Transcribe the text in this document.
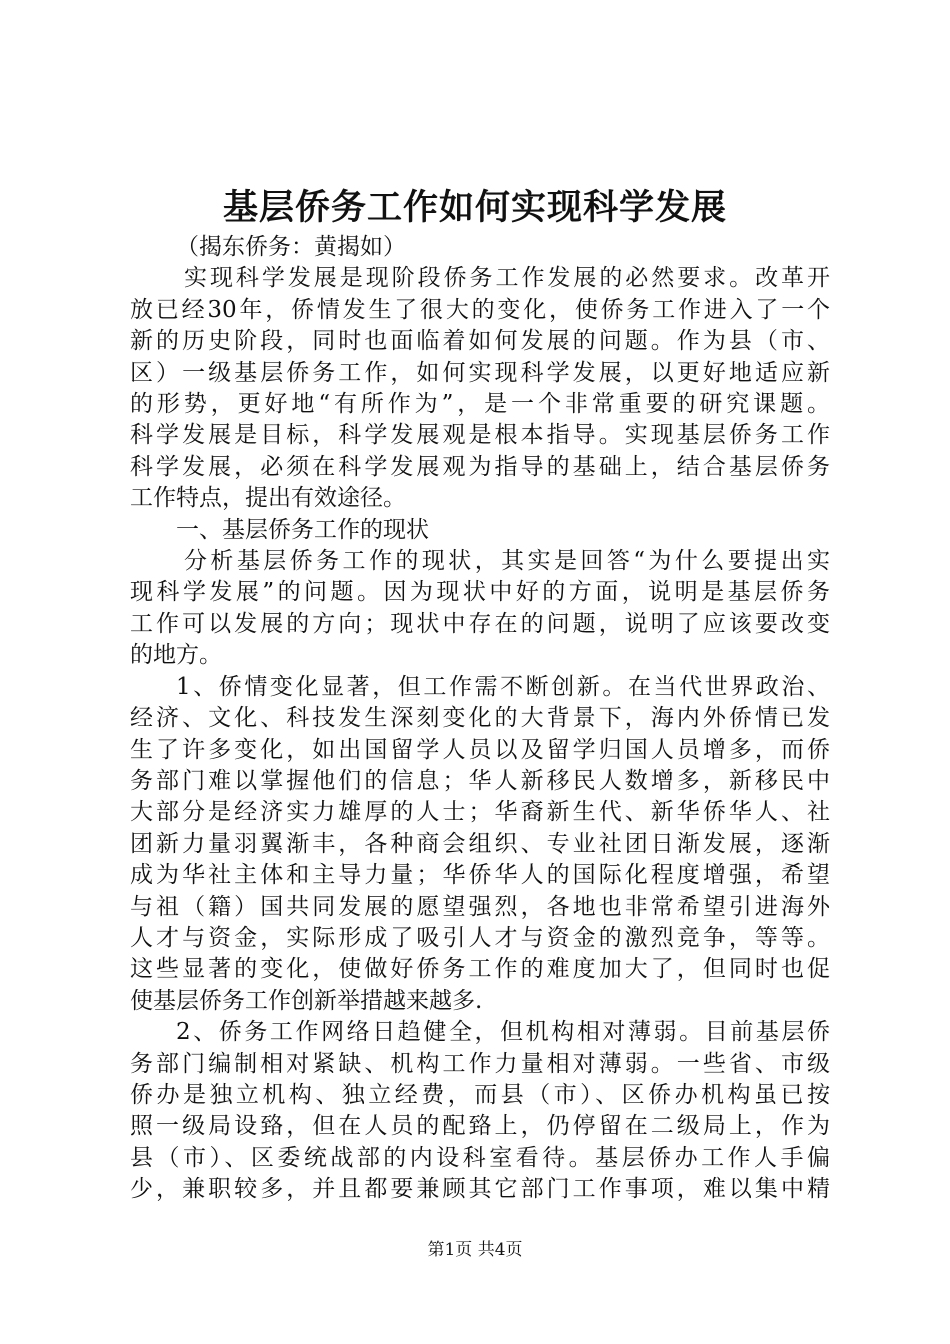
基层侨务工作如何实现科学发展
（揭东侨务：黄揭如）
实现科学发展是现阶段侨务工作发展的必然要求。改革开
放已经30年，侨情发生了很大的变化，使侨务工作进入了一个
新的历史阶段，同时也面临着如何发展的问题。作为县（市、
区）一级基层侨务工作，如何实现科学发展，以更好地适应新
的形势，更好地“有所作为”，是一个非常重要的研究课题。
科学发展是目标，科学发展观是根本指导。实现基层侨务工作
科学发展，必须在科学发展观为指导的基础上，结合基层侨务
工作特点，提出有效途径。
一、基层侨务工作的现状
分析基层侨务工作的现状，其实是回答“为什么要提出实
现科学发展”的问题。因为现状中好的方面，说明是基层侨务
工作可以发展的方向；现状中存在的问题，说明了应该要改变
的地方。
1、侨情变化显著，但工作需不断创新。在当代世界政治、
经济、文化、科技发生深刻变化的大背景下，海内外侨情已发
生了许多变化，如出国留学人员以及留学归国人员增多，而侨
务部门难以掌握他们的信息；华人新移民人数增多，新移民中
大部分是经济实力雄厚的人士；华裔新生代、新华侨华人、社
团新力量羽翼渐丰，各种商会组织、专业社团日渐发展，逐渐
成为华社主体和主导力量；华侨华人的国际化程度增强，希望
与祖（籍）国共同发展的愿望强烈，各地也非常希望引进海外
人才与资金，实际形成了吸引人才与资金的激烈竞争，等等。
这些显著的变化，使做好侨务工作的难度加大了，但同时也促
使基层侨务工作创新举措越来越多.
2、侨务工作网络日趋健全，但机构相对薄弱。目前基层侨
务部门编制相对紧缺、机构工作力量相对薄弱。一些省、市级
侨办是独立机构、独立经费，而县（市）、区侨办机构虽已按
照一级局设臵，但在人员的配臵上，仍停留在二级局上，作为
县（市）、区委统战部的内设科室看待。基层侨办工作人手偏
少，兼职较多，并且都要兼顾其它部门工作事项，难以集中精
第1页 共4页
